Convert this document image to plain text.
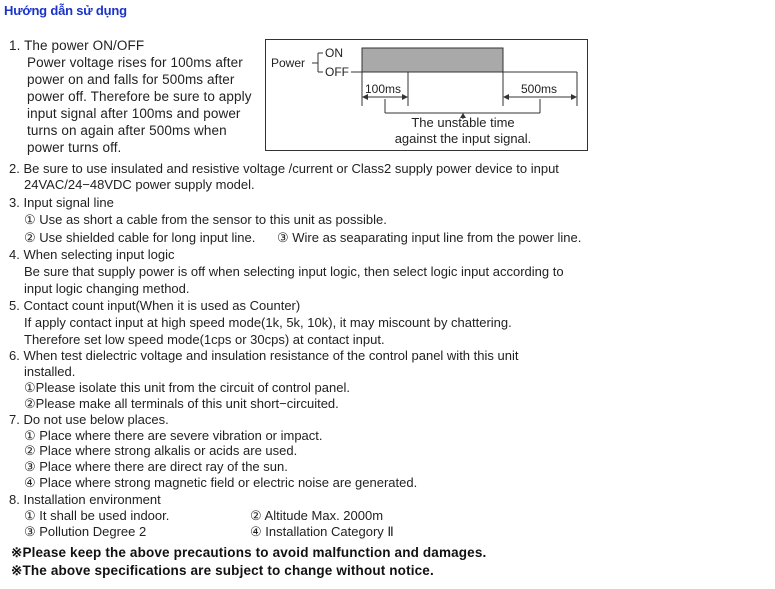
Hướng dẫn sử dụng
1. The power ON/OFF
Power voltage rises for 100ms after
power on and falls for 500ms after
power off. Therefore be sure to apply
input signal after 100ms and power
turns on again after 500ms when
power turns off.
Power
ON
OFF
100ms	500ms
The unstable time
against the input signal.
2. Be sure to use insulated and resistive voltage /current or Class2 supply power device to input
24VAC/24−48VDC power supply model.
3. Input signal line
① Use as short a cable from the sensor to this unit as possible.
② Use shielded cable for long input line. ③ Wire as seaparating input line from the power line.
4. When selecting input logic
Be sure that supply power is off when selecting input logic, then select logic input according to
input logic changing method.
5. Contact count input(When it is used as Counter)
If apply contact input at high speed mode(1k, 5k, 10k), it may miscount by chattering.
Therefore set low speed mode(1cps or 30cps) at contact input.
6. When test dielectric voltage and insulation resistance of the control panel with this unit
installed.
①Please isolate this unit from the circuit of control panel.
②Please make all terminals of this unit short−circuited.
7. Do not use below places.
① Place where there are severe vibration or impact.
② Place where strong alkalis or acids are used.
③ Place where there are direct ray of the sun.
④ Place where strong magnetic field or electric noise are generated.
8. Installation environment
① It shall be used indoor.	② Altitude Max. 2000m
③ Pollution Degree 2	④ Installation Category Ⅱ
※Please keep the above precautions to avoid malfunction and damages.
※The above specifications are subject to change without notice.
